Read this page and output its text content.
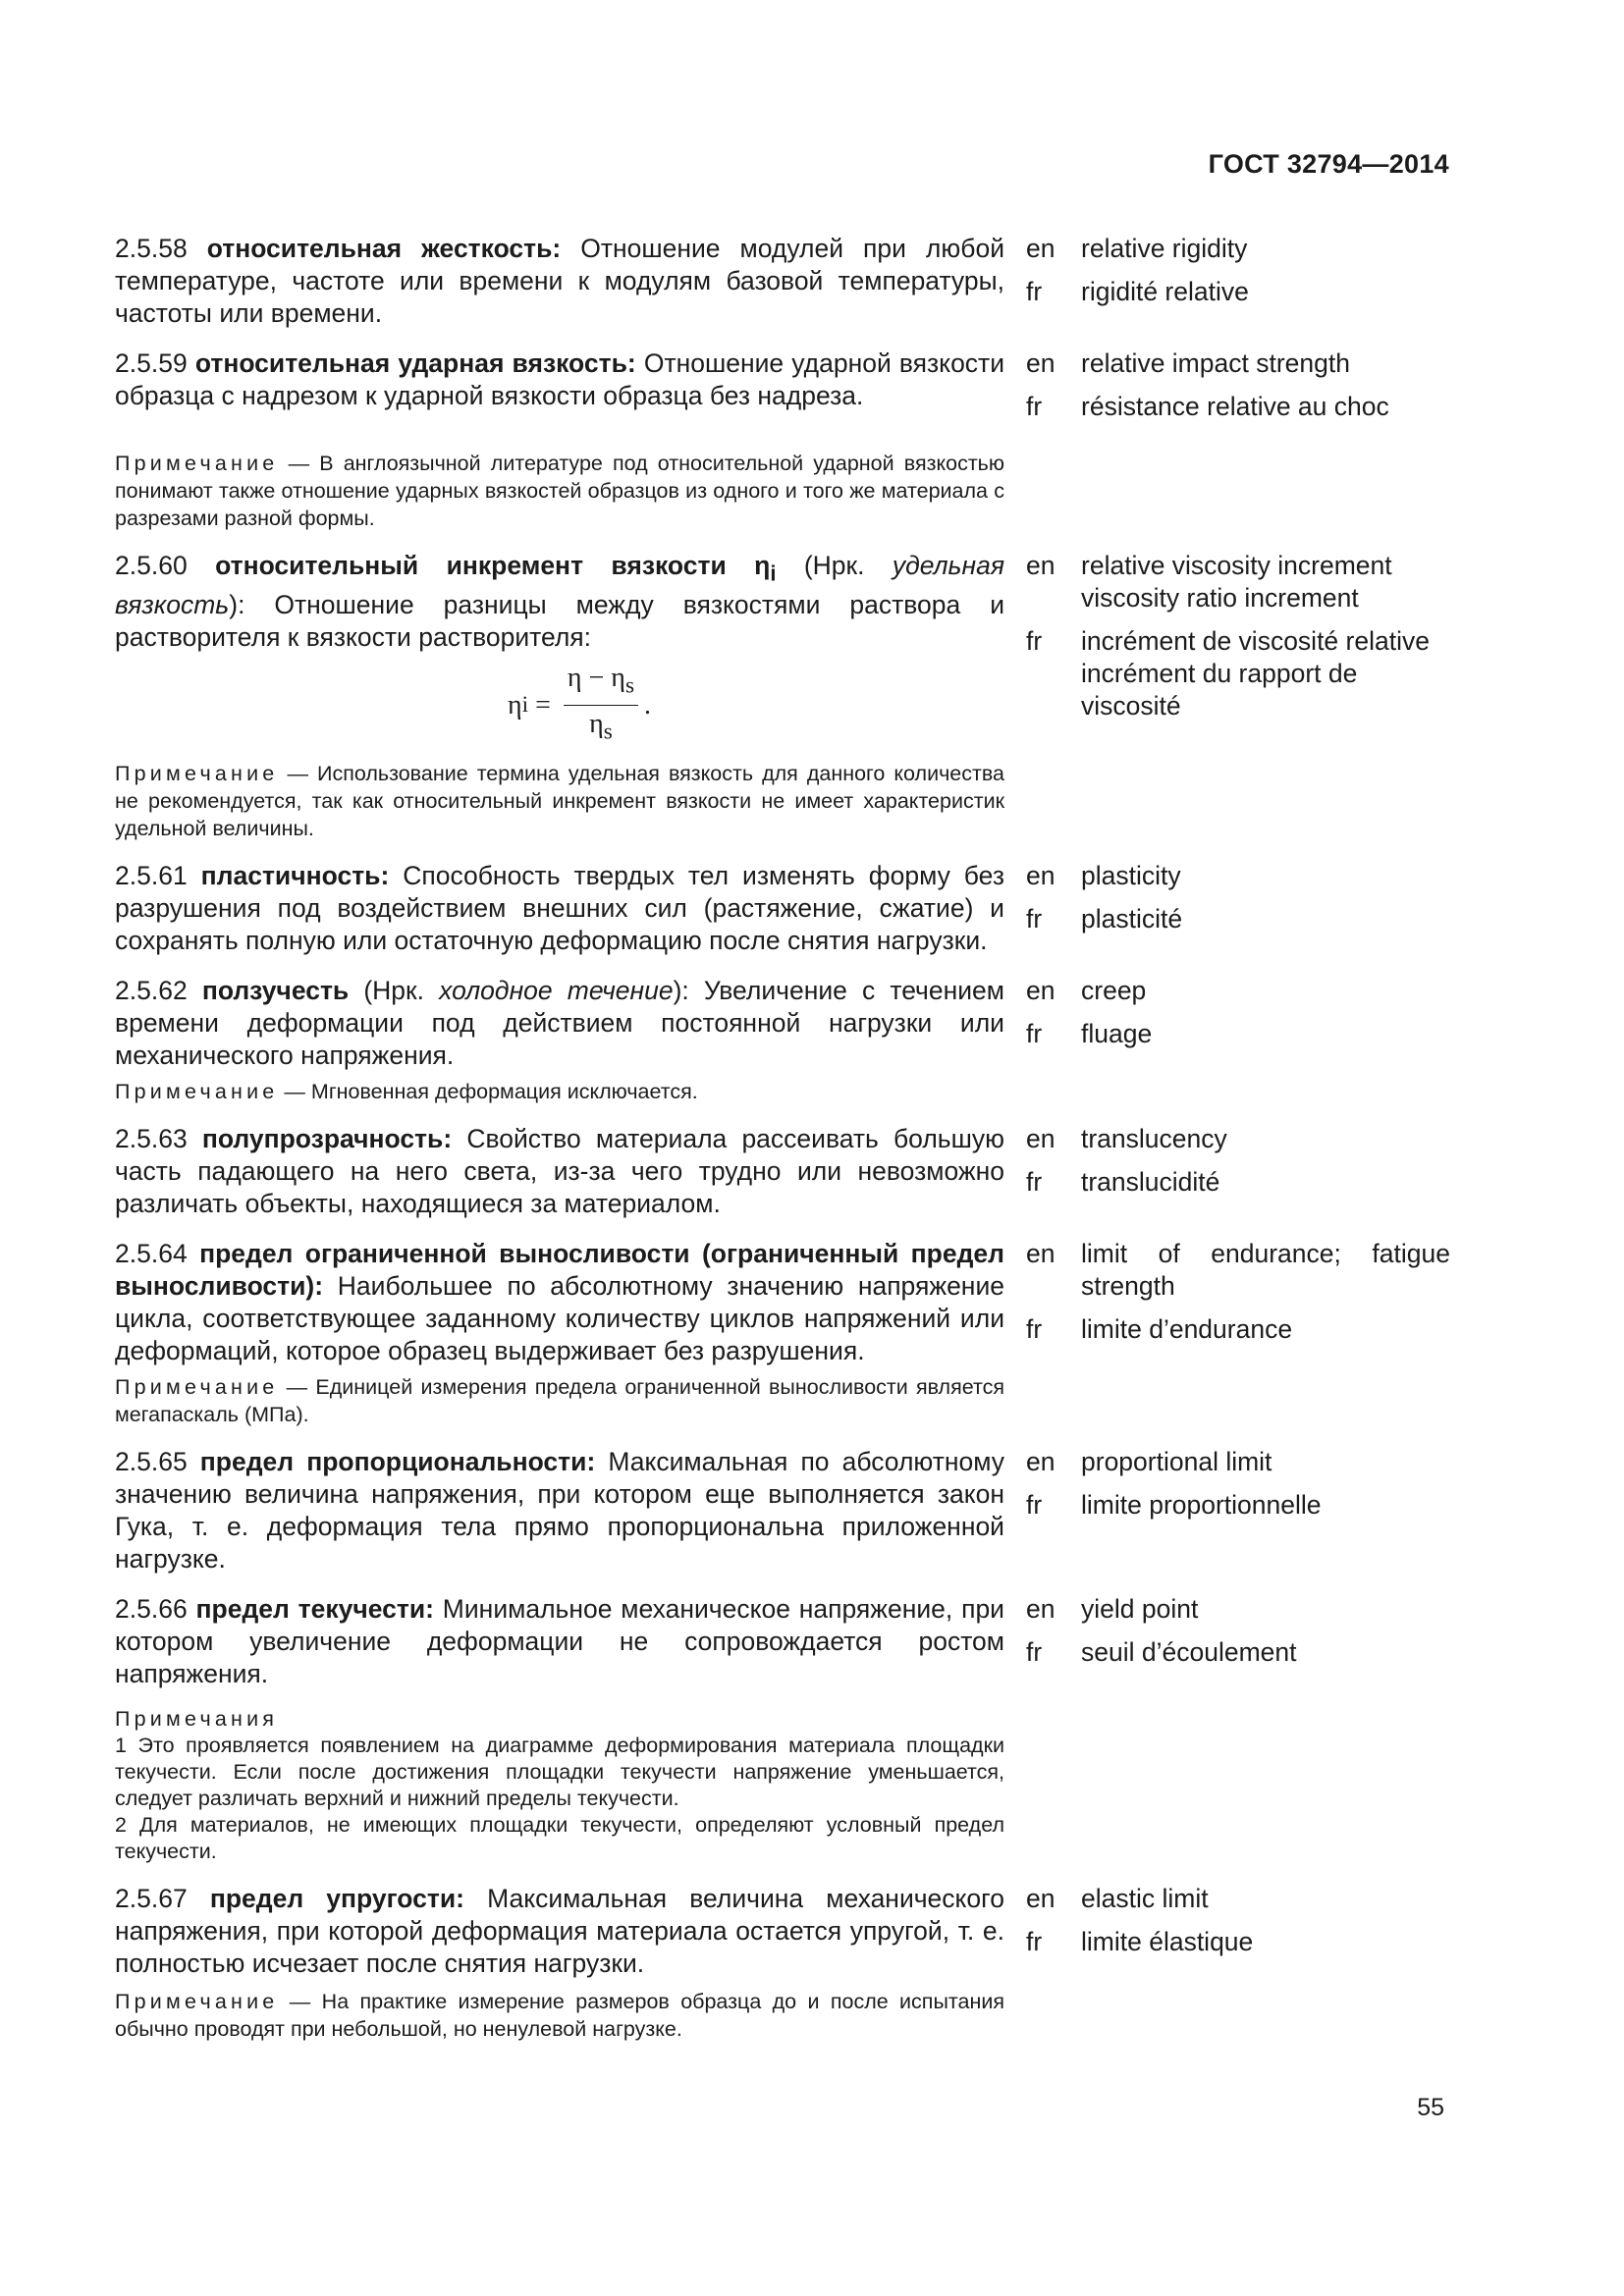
ГОСТ 32794—2014
2.5.58 относительная жесткость: Отношение модулей при любой температуре, частоте или времени к модулям базовой температуры, частоты или времени.
en	relative rigidity
fr	rigidité relative
2.5.59 относительная ударная вязкость: Отношение ударной вязкости образца с надрезом к ударной вязкости образца без надреза.
en	relative impact strength
fr	résistance relative au choc
Примечание — В англоязычной литературе под относительной ударной вязкостью понимают также отношение ударных вязкостей образцов из одного и того же материала с разрезами разной формы.
2.5.60 относительный инкремент вязкости $\eta_i$ (Нрк. удельная вязкость): Отношение разницы между вязкостями раствора и растворителя к вязкости растворителя:
η $i = \frac{\eta - \eta_s}{\eta_s}$ .
en	relative viscosity increment
viscosity ratio increment
fr	incrément de viscosité relative
incrément du rapport de viscosité
Примечание — Использование термина удельная вязкость для данного количества не рекомендуется, так как относительный инкремент вязкости не имеет характеристик удельной величины.
2.5.61 пластичность: Способность твердых тел изменять форму без разрушения под воздействием внешних сил (растяжение, сжатие) и сохранять полную или остаточную деформацию после снятия нагрузки.
en	plasticity
fr	plasticité
2.5.62 ползучесть (Нрк. холодное течение): Увеличение с течением времени деформации под действием постоянной нагрузки или механического напряжения.
en	creep
fr	fluage
Примечание — Мгновенная деформация исключается.
2.5.63 полупрозрачность: Свойство материала рассеивать большую часть падающего на него света, из-за чего трудно или невозможно различать объекты, находящиеся за материалом.
en	translucency
fr	translucidité
2.5.64 предел ограниченной выносливости (ограниченный предел выносливости): Наибольшее по абсолютному значению напряжение цикла, соответствующее заданному количеству циклов напряжений или деформаций, которое образец выдерживает без разрушения.
en	limit of endurance; fatigue strength
fr	limite d’endurance
Примечание — Единицей измерения предела ограниченной выносливости является мегапаскаль (МПа).
2.5.65 предел пропорциональности: Максимальная по абсолютному значению величина напряжения, при котором еще выполняется закон Гука, т. е. деформация тела прямо пропорциональна приложенной нагрузке.
en	proportional limit
fr	limite proportionnelle
2.5.66 предел текучести: Минимальное механическое напряжение, при котором увеличение деформации не сопровождается ростом напряжения.
en	yield point
fr	seuil d’écoulement
Примечания
1 Это проявляется появлением на диаграмме деформирования материала площадки текучести. Если после достижения площадки текучести напряжение уменьшается, следует различать верхний и нижний пределы текучести.
2 Для материалов, не имеющих площадки текучести, определяют условный предел текучести.
2.5.67 предел упругости: Максимальная величина механического напряжения, при которой деформация материала остается упругой, т. е. полностью исчезает после снятия нагрузки.
en	elastic limit
fr	limite élastique
Примечание — На практике измерение размеров образца до и после испытания обычно проводят при небольшой, но ненулевой нагрузке.
55
